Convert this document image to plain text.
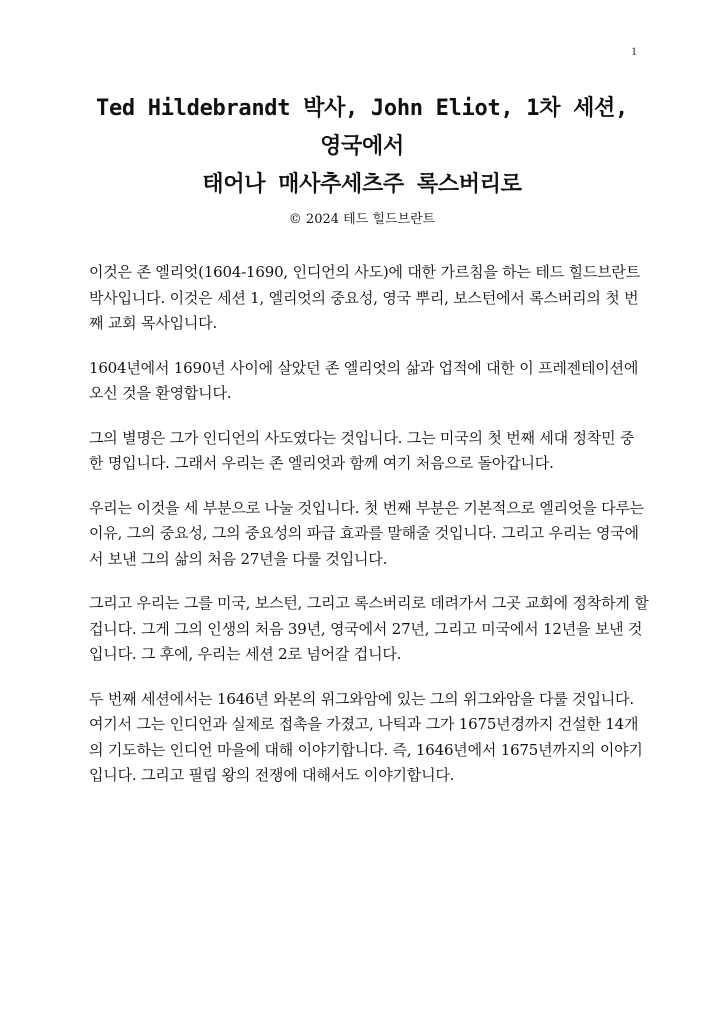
1
Ted Hildebrandt 박사, John Eliot, 1차 세션,
영국에서
태어나 매사추세츠주 록스버리로
© 2024 테드 힐드브란트

이것은 존 엘리엇(1604-1690, 인디언의 사도)에 대한 가르침을 하는 테드 힐드브란트 박사입니다. 이것은 세션 1, 엘리엇의 중요성, 영국 뿌리, 보스턴에서 록스버리의 첫 번째 교회 목사입니다.

1604년에서 1690년 사이에 살았던 존 엘리엇의 삶과 업적에 대한 이 프레젠테이션에 오신 것을 환영합니다.

그의 별명은 그가 인디언의 사도였다는 것입니다. 그는 미국의 첫 번째 세대 정착민 중 한 명입니다. 그래서 우리는 존 엘리엇과 함께 여기 처음으로 돌아갑니다.

우리는 이것을 세 부분으로 나눌 것입니다. 첫 번째 부분은 기본적으로 엘리엇을 다루는 이유, 그의 중요성, 그의 중요성의 파급 효과를 말해줄 것입니다. 그리고 우리는 영국에서 보낸 그의 삶의 처음 27년을 다룰 것입니다.

그리고 우리는 그를 미국, 보스턴, 그리고 록스버리로 데려가서 그곳 교회에 정착하게 할 겁니다. 그게 그의 인생의 처음 39년, 영국에서 27년, 그리고 미국에서 12년을 보낸 것입니다. 그 후에, 우리는 세션 2로 넘어갈 겁니다.

두 번째 세션에서는 1646년 와본의 위그와암에 있는 그의 위그와암을 다룰 것입니다. 여기서 그는 인디언과 실제로 접촉을 가졌고, 나틱과 그가 1675년경까지 건설한 14개의 기도하는 인디언 마을에 대해 이야기합니다. 즉, 1646년에서 1675년까지의 이야기입니다. 그리고 필립 왕의 전쟁에 대해서도 이야기합니다.
